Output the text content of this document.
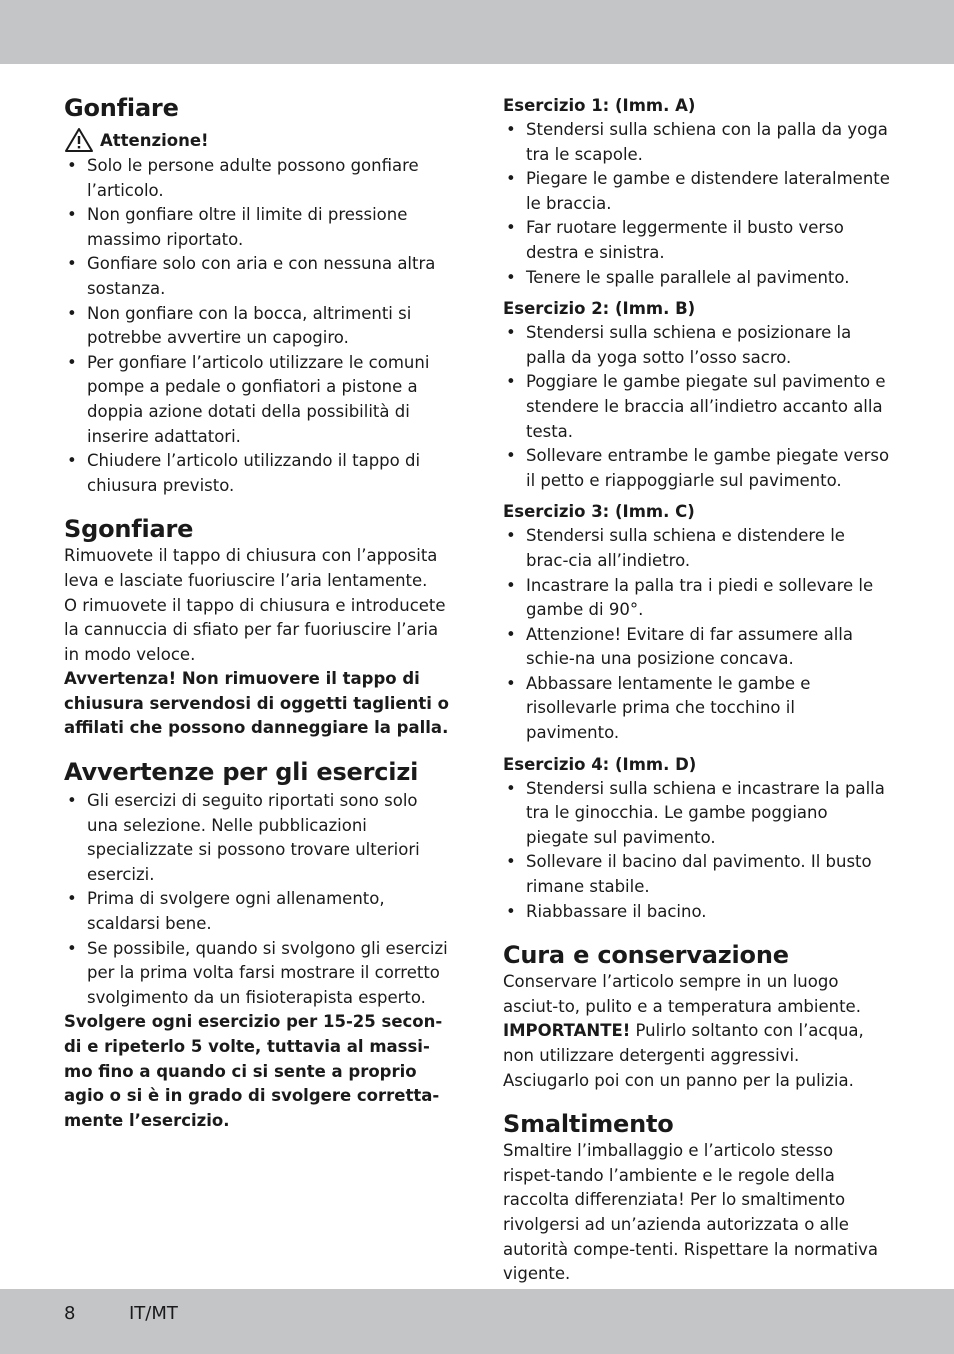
Gonfiare
Attenzione!
• Solo le persone adulte possono gonfiare l’articolo.
• Non gonfiare oltre il limite di pressione massimo riportato.
• Gonfiare solo con aria e con nessuna altra sostanza.
• Non gonfiare con la bocca, altrimenti si potrebbe avvertire un capogiro.
• Per gonfiare l’articolo utilizzare le comuni pompe a pedale o gonfiatori a pistone a doppia azione dotati della possibilità di inserire adattatori.
• Chiudere l’articolo utilizzando il tappo di chiusura previsto.
Sgonfiare

Rimuovete il tappo di chiusura con l’apposita leva e lasciate fuoriuscire l’aria lentamente.

O rimuovete il tappo di chiusura e introducete la cannuccia di sfiato per far fuoriuscire l’aria in modo veloce.

Avvertenza! Non rimuovere il tappo di chiusura servendosi di oggetti taglienti o affilati che possono danneggiare la palla.

Avvertenze per gli esercizi
• Gli esercizi di seguito riportati sono solo una selezione. Nelle pubblicazioni specializzate si possono trovare ulteriori esercizi.
• Prima di svolgere ogni allenamento, scaldarsi bene.
• Se possibile, quando si svolgono gli esercizi per la prima volta farsi mostrare il corretto svolgimento da un fisioterapista esperto.

Svolgere ogni esercizio per 15-25 secon-di e ripeterlo 5 volte, tuttavia al massi-mo fino a quando ci si sente a proprio agio o si è in grado di svolgere corretta-mente l’esercizio.

Esercizio 1: (Imm. A)
• Stendersi sulla schiena con la palla da yoga tra le scapole.
• Piegare le gambe e distendere lateralmente le braccia.
• Far ruotare leggermente il busto verso destra e sinistra.
• Tenere le spalle parallele al pavimento.
Esercizio 2: (Imm. B)
• Stendersi sulla schiena e posizionare la palla da yoga sotto l’osso sacro.
• Poggiare le gambe piegate sul pavimento e stendere le braccia all’indietro accanto alla testa.
• Sollevare entrambe le gambe piegate verso il petto e riappoggiarle sul pavimento.
Esercizio 3: (Imm. C)
• Stendersi sulla schiena e distendere le brac-cia all’indietro.
• Incastrare la palla tra i piedi e sollevare le gambe di 90°.
• Attenzione! Evitare di far assumere alla schie-na una posizione concava.
• Abbassare lentamente le gambe e risollevarle prima che tocchino il pavimento.
Esercizio 4: (Imm. D)
• Stendersi sulla schiena e incastrare la palla tra le ginocchia. Le gambe poggiano piegate sul pavimento.
• Sollevare il bacino dal pavimento. Il busto rimane stabile.
• Riabbassare il bacino.
Cura e conservazione

Conservare l’articolo sempre in un luogo asciut-to, pulito e a temperatura ambiente.

IMPORTANTE! Pulirlo soltanto con l’acqua, non utilizzare detergenti aggressivi.

Asciugarlo poi con un panno per la pulizia.

Smaltimento

Smaltire l’imballaggio e l’articolo stesso rispet-tando l’ambiente e le regole della raccolta differenziata! Per lo smaltimento rivolgersi ad un’azienda autorizzata o alle autorità compe-tenti. Rispettare la normativa vigente.

8	IT/MT
